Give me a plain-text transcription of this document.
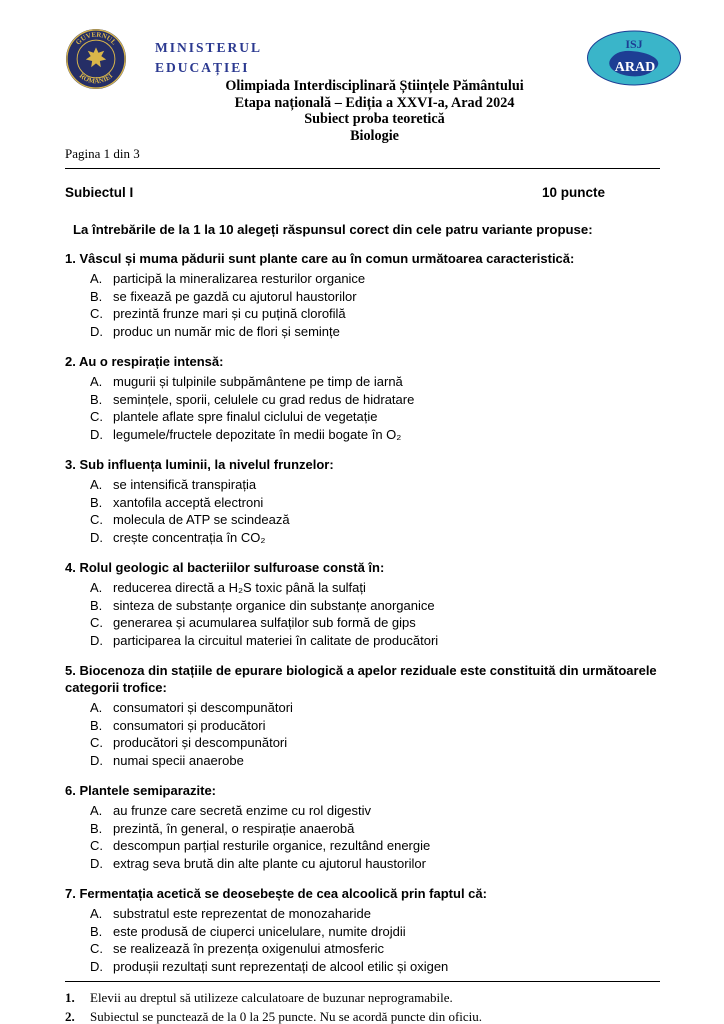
GUVERNUL
ROMÂNIEI
MINISTERUL
EDUCAȚIEI
ISJ
ARAD
Olimpiada Interdisciplinară Științele Pământului
Etapa națională – Ediția a XXVI-a, Arad 2024
Subiect proba teoretică
Biologie
Pagina 1 din 3
Subiectul I	10 puncte

La întrebările de la 1 la 10 alegeți răspunsul corect din cele patru variante propuse:

1. Vâscul și muma pădurii sunt plante care au în comun următoarea caracteristică:

A. participă la mineralizarea resturilor organice
B. se fixează pe gazdă cu ajutorul haustorilor
C. prezintă frunze mari și cu puțină clorofilă
D. produc un număr mic de flori și semințe

2. Au o respirație intensă:

A. mugurii și tulpinile subpământene pe timp de iarnă
B. semințele, sporii, celulele cu grad redus de hidratare
C. plantele aflate spre finalul ciclului de vegetație
D. legumele/fructele depozitate în medii bogate în O₂

3. Sub influența luminii, la nivelul frunzelor:

A. se intensifică transpirația
B. xantofila acceptă electroni
C. molecula de ATP se scindează
D. crește concentrația în CO₂

4. Rolul geologic al bacteriilor sulfuroase constă în:

A. reducerea directă a H₂S toxic până la sulfați
B. sinteza de substanțe organice din substanțe anorganice
C. generarea și acumularea sulfaților sub formă de gips
D. participarea la circuitul materiei în calitate de producători

5. Biocenoza din stațiile de epurare biologică a apelor reziduale este constituită din următoarele categorii trofice:

A. consumatori și descompunători
B. consumatori și producători
C. producători și descompunători
D. numai specii anaerobe

6. Plantele semiparazite:

A. au frunze care secretă enzime cu rol digestiv
B. prezintă, în general, o respirație anaerobă
C. descompun parțial resturile organice, rezultând energie
D. extrag seva brută din alte plante cu ajutorul haustorilor

7. Fermentația acetică se deosebește de cea alcoolică prin faptul că:

A. substratul este reprezentat de monozaharide
B. este produsă de ciuperci unicelulare, numite drojdii
C. se realizează în prezența oxigenului atmosferic
D. produșii rezultați sunt reprezentați de alcool etilic și oxigen
1.	Elevii au dreptul să utilizeze calculatoare de buzunar neprogramabile.
2.	Subiectul se punctează de la 0 la 25 puncte. Nu se acordă puncte din oficiu.
